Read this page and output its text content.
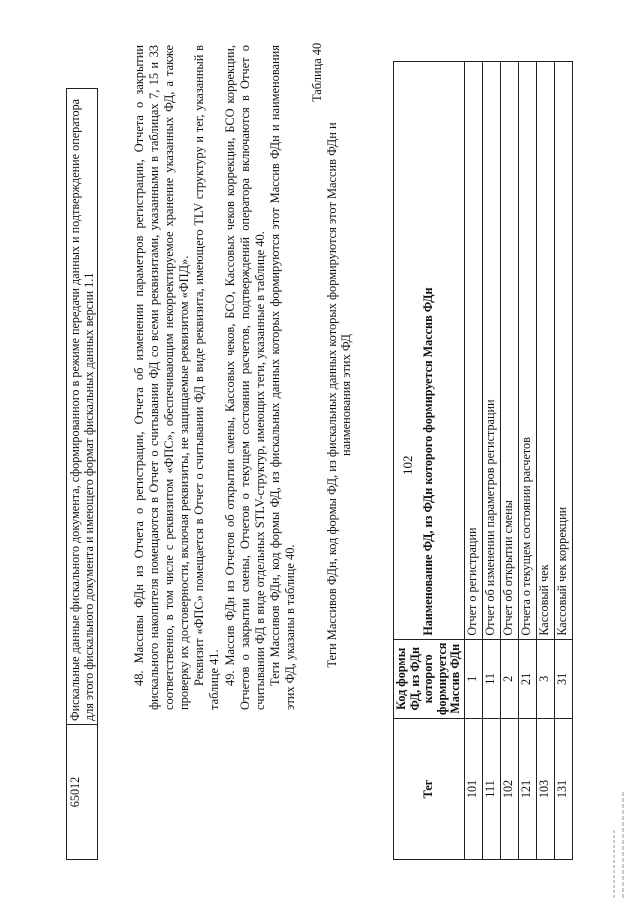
102
65012	Фискальные данные фискального документа, сформированного в режиме передачи данных и подтверждение оператора для этого фискального документа и имеющего формат фискальных данных версии 1.1	48. Массивы ФДн из Отчета о регистрации, Отчета об изменении параметров регистрации, Отчета о закрытии фискального накопителя помещаются в Отчет о считывании ФД со всеми реквизитами, указанными в таблицах 7, 15 и 33 соответственно, в том числе с реквизитом «ФПС», обеспечивающим некорректируемое хранение указанных ФД, а также проверку их достоверности, включая реквизиты, не защищаемые реквизитом «ФПД». Реквизит «ФПС» помещается в Отчет о считывании ФД в виде реквизита, имеющего TLV структуру и тег, указанный в таблице 41. 49. Массив ФДн из Отчетов об открытии смены, Кассовых чеков, БСО, Кассовых чеков коррекции, БСО коррекции, Отчетов о закрытии смены, Отчетов о текущем состоянии расчетов, подтверждений оператора включаются в Отчет о считывании ФД в виде отдельных STLV-структур, имеющих теги, указанные в таблице 40. Теги Массивов ФДн, код формы ФД, из фискальных данных которых формируются этот Массив ФДн и наименования этих ФД, указаны в таблице 40.

Таблица 40
Теги Массивов ФДн, код формы ФД, из фискальных данных которых формируются этот Массив ФДн и наименования этих ФД
Тег	Код формы ФД, из ФДн которого формируется Массив ФДн	Наименование ФД, из ФДн которого формируется Массив ФДн
101	1	Отчет о регистрации
111	11	Отчет об изменении параметров регистрации
102	2	Отчет об открытии смены
121	21	Отчета о текущем состоянии расчетов
103	3	Кассовый чек
131	31	Кассовый чек коррекции
